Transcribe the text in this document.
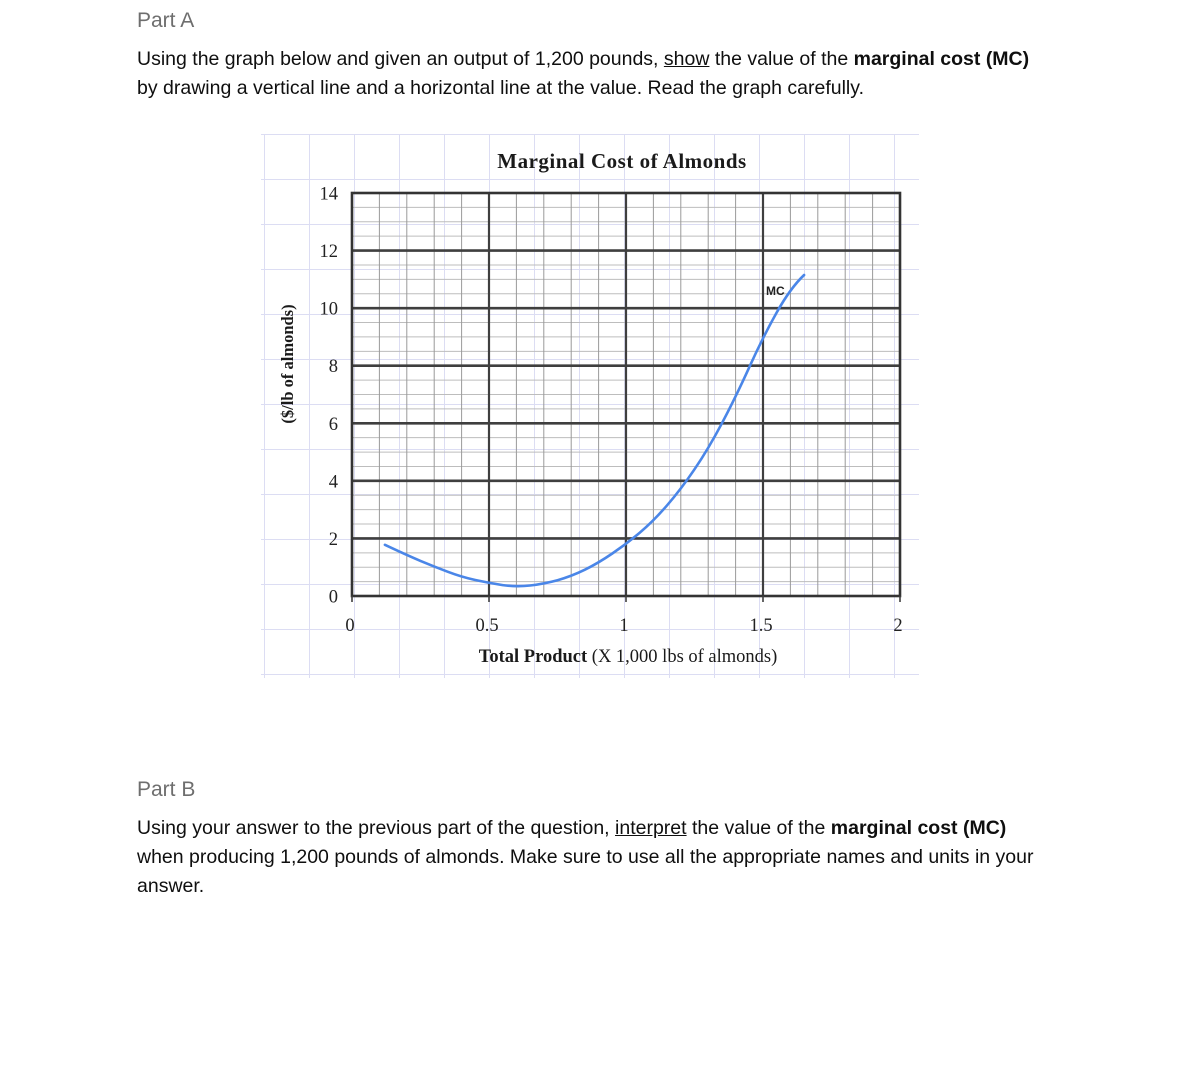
Part A

Using the graph below and given an output of 1,200 pounds, show the value of the marginal cost (MC) by drawing a vertical line and a horizontal line at the value. Read the graph carefully.

Marginal Cost of Almonds
0
2
4
6
8
10
12
14
0	0.5	1	1.5	2
Total Product (X 1,000 lbs of almonds)
($/lb of almonds)
MC
Part B

Using your answer to the previous part of the question, interpret the value of the marginal cost (MC) when producing 1,200 pounds of almonds. Make sure to use all the appropriate names and units in your answer.
